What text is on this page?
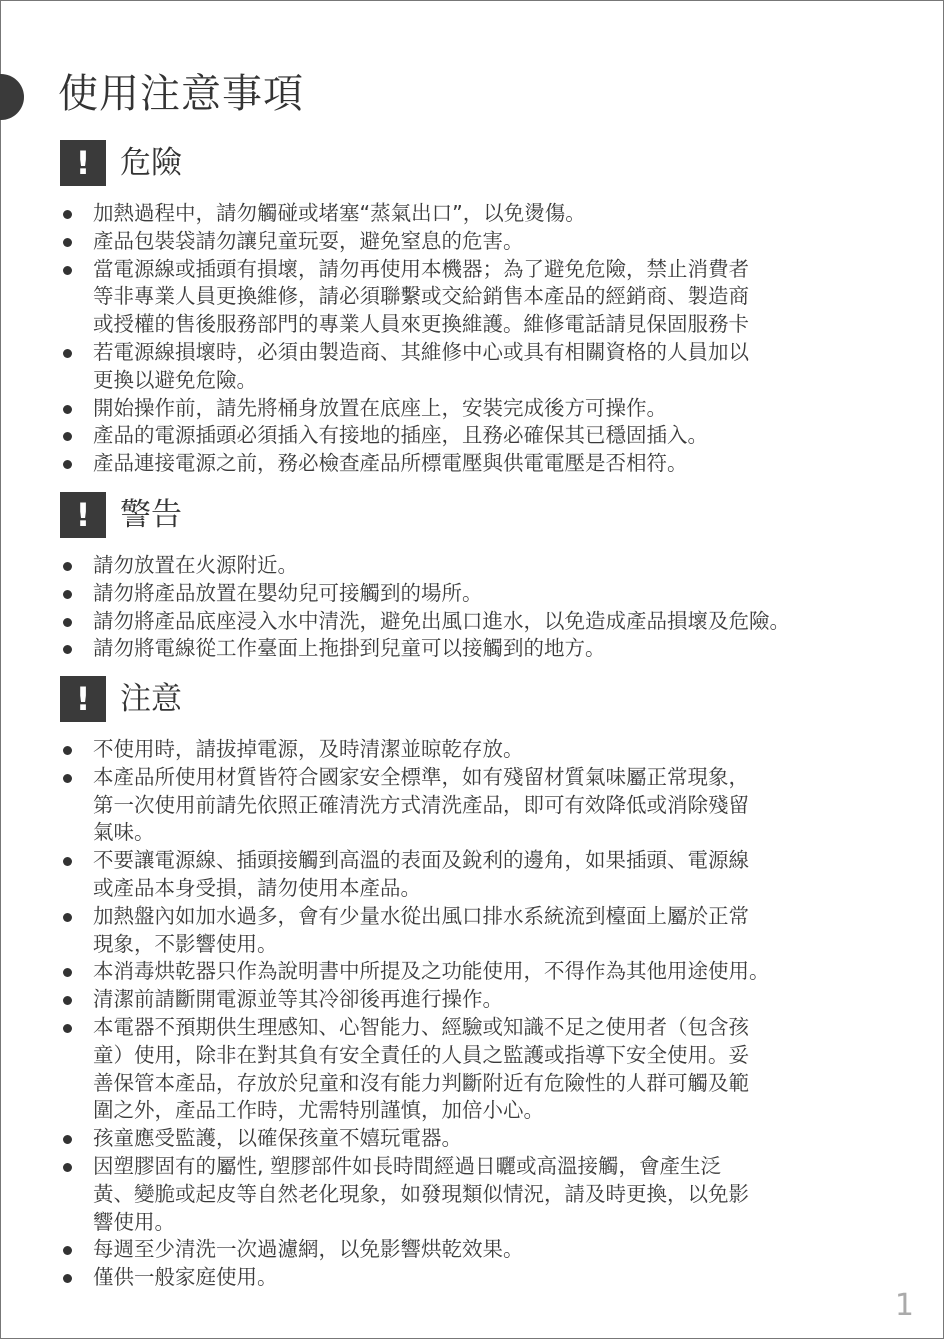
使用注意事項
! 危險
加熱過程中，請勿觸碰或堵塞“蒸氣出口”，以免燙傷。
產品包裝袋請勿讓兒童玩耍，避免窒息的危害。
當電源線或插頭有損壞，請勿再使用本機器；為了避免危險，禁止消費者
等非專業人員更換維修，請必須聯繫或交給銷售本產品的經銷商、製造商
或授權的售後服務部門的專業人員來更換維護。維修電話請見保固服務卡
若電源線損壞時，必須由製造商、其維修中心或具有相關資格的人員加以
更換以避免危險。
開始操作前，請先將桶身放置在底座上，安裝完成後方可操作。
產品的電源插頭必須插入有接地的插座，且務必確保其已穩固插入。
產品連接電源之前，務必檢查產品所標電壓與供電電壓是否相符。
! 警告
請勿放置在火源附近。
請勿將產品放置在嬰幼兒可接觸到的場所。
請勿將產品底座浸入水中清洗，避免出風口進水，以免造成產品損壞及危險。
請勿將電線從工作臺面上拖掛到兒童可以接觸到的地方。
! 注意
不使用時，請拔掉電源，及時清潔並晾乾存放。
本產品所使用材質皆符合國家安全標準，如有殘留材質氣味屬正常現象，
第一次使用前請先依照正確清洗方式清洗產品，即可有效降低或消除殘留
氣味。
不要讓電源線、插頭接觸到高溫的表面及銳利的邊角，如果插頭、電源線
或產品本身受損，請勿使用本產品。
加熱盤內如加水過多，會有少量水從出風口排水系統流到檯面上屬於正常
現象，不影響使用。
本消毒烘乾器只作為說明書中所提及之功能使用，不得作為其他用途使用。
清潔前請斷開電源並等其冷卻後再進行操作。
本電器不預期供生理感知、心智能力、經驗或知識不足之使用者（包含孩
童）使用，除非在對其負有安全責任的人員之監護或指導下安全使用。妥
善保管本產品，存放於兒童和沒有能力判斷附近有危險性的人群可觸及範
圍之外，產品工作時，尤需特別謹慎，加倍小心。
孩童應受監護，以確保孩童不嬉玩電器。
因塑膠固有的屬性, 塑膠部件如長時間經過日曬或高溫接觸，會產生泛
黃、變脆或起皮等自然老化現象，如發現類似情況，請及時更換，以免影
響使用。
每週至少清洗一次過濾網，以免影響烘乾效果。
僅供一般家庭使用。
1
